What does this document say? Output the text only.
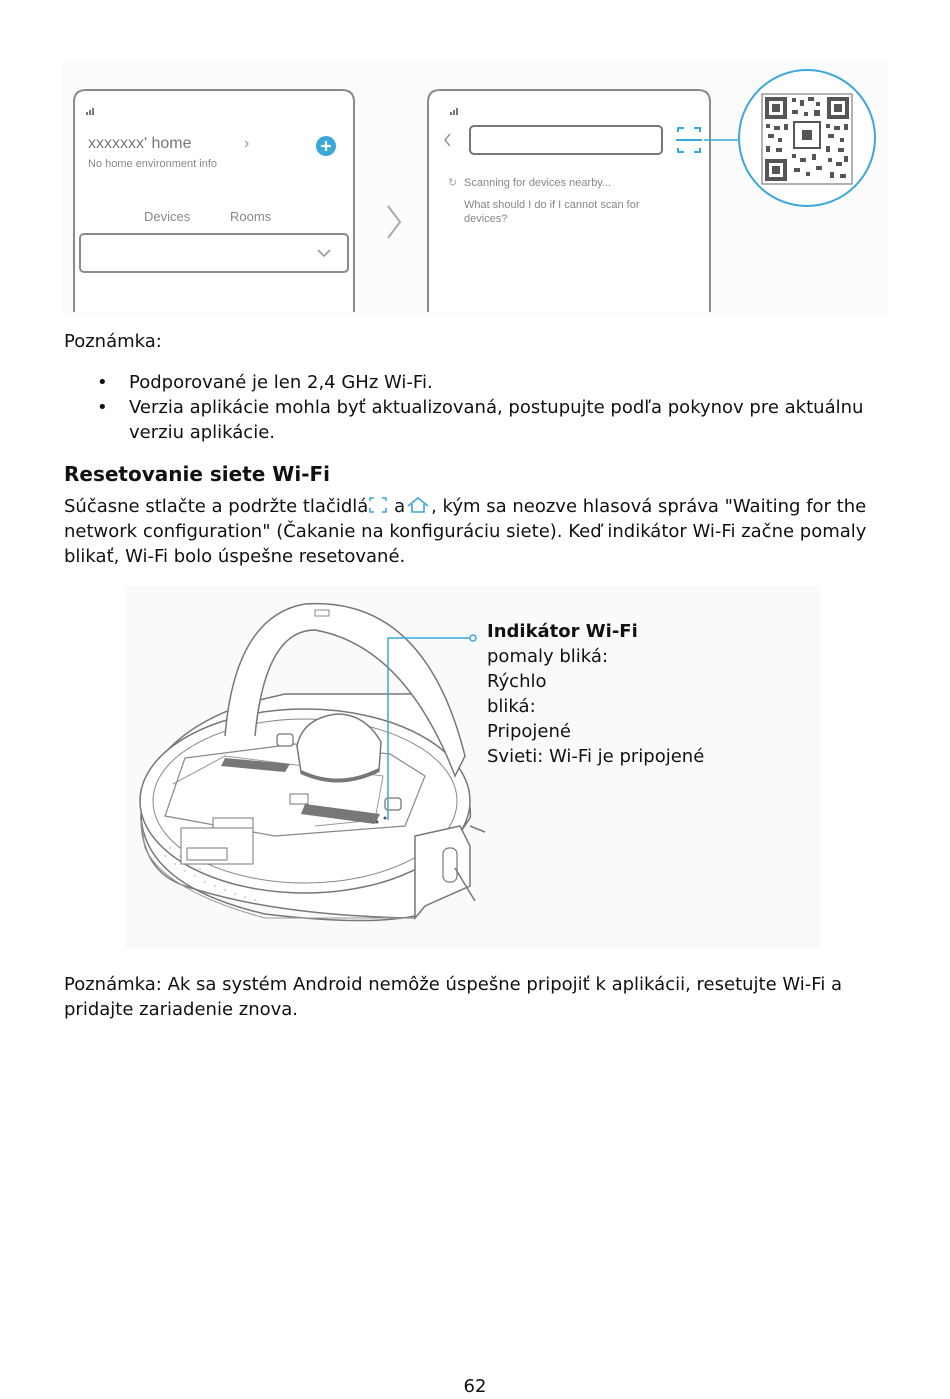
xxxxxxx' home	›
No home environment info
Devices	Rooms
↻ Scanning for devices nearby...
What should I do if I cannot scan for
devices?
Poznámka:
• Podporované je len 2,4 GHz Wi-Fi.
• Verzia aplikácie mohla byť aktualizovaná, postupujte podľa pokynov pre aktuálnu
verziu aplikácie.
Resetovanie siete Wi-Fi
Súčasne stlačte a podržte tlačidlá a , kým sa neozve hlasová správa "Waiting for the
network configuration" (Čakanie na konfiguráciu siete). Keď indikátor Wi-Fi začne pomaly
blikať, Wi-Fi bolo úspešne resetované.
Indikátor Wi-Fi
pomaly bliká:
Rýchlo
bliká:
Pripojené
Svieti: Wi-Fi je pripojené
Poznámka: Ak sa systém Android nemôže úspešne pripojiť k aplikácii, resetujte Wi-Fi a
pridajte zariadenie znova.
62
